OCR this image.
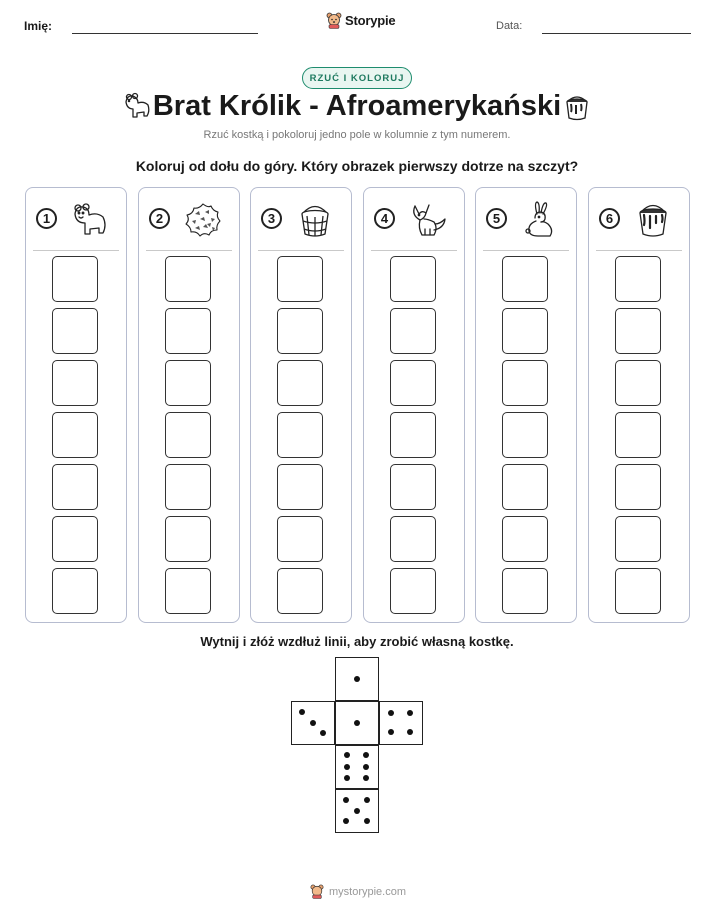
Imię:	Storypie	Data:
RZUĆ I KOLORUJ
Brat Królik - Afroamerykański
Rzuć kostką i pokoloruj jedno pole w kolumnie z tym numerem.
Koloruj od dołu do góry. Który obrazek pierwszy dotrze na szczyt?
1	2	3	4	5	6
Wytnij i złóż wzdłuż linii, aby zrobić własną kostkę.
mystorypie.com
